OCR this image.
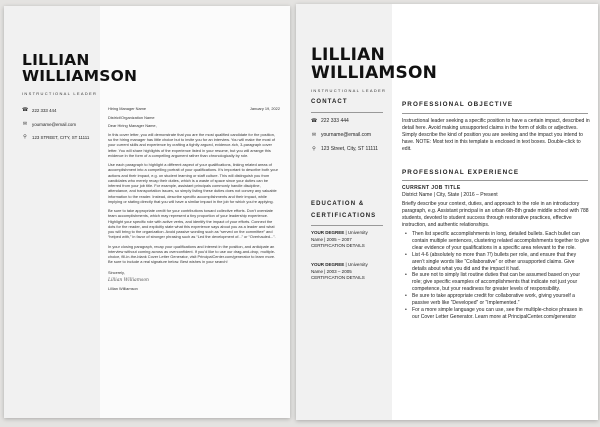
LILLIAN
WILLIAMSON
INSTRUCTIONAL LEADER
☎ 222 333 444
✉ yourname@email.com
⚲ 123 STREET, CITY, ST 11111
Hiring Manager Name	January 19, 2022

District/Organization Name

Dear Hiring Manager Name,

In this cover letter, you will demonstrate that you are the most qualified candidate for the position, so the hiring manager has little choice but to invite you for an interview. You will make the most of your current skills and experience by crafting a tightly argued, evidence-rich, 3-paragraph cover letter. You will share highlights of the experience listed in your resume, but you will arrange this evidence in the form of a compelling argument rather than chronologically by role.

Use each paragraph to highlight a different aspect of your qualifications, linking related areas of accomplishment into a compelling portrait of your qualifications. It’s important to describe both your actions and their impact, e.g. on student learning or staff culture. This will distinguish you from candidates who merely recap their duties, which is a waste of space since your duties can be inferred from your job title. For example, assistant principals commonly handle discipline, attendance, and transportation issues, so simply listing these duties does not convey any valuable information to the reader. Instead, describe specific accomplishments and their impact, while implying or stating directly that you will have a similar impact in the job for which you’re applying.

Be sure to take appropriate credit for your contributions toward collective efforts. Don’t overstate team accomplishments, which may represent a tiny proportion of your leadership experience. Highlight your specific role with active verbs, and identify the impact of your efforts. Connect the dots for the reader, and explicitly state what this experience says about you as a leader and what you will bring to the organization. Avoid passive wording such as “served on the committee” and “helped with,” in favor of stronger phrasing such as “Led the development of...” or “Overhauled...”.

In your closing paragraph, recap your qualifications and interest in the position, and anticipate an interview without coming across as overconfident. If you’d like to use our drag-and-drop, multiple-choice, fill-in-the-blank Cover Letter Generator, visit PrincipalCenter.com/generator to learn more. Be sure to include a real signature below. Best wishes in your search!

Sincerely,

Lillian Williamson

Lillian Williamson

LILLIAN
WILLIAMSON
INSTRUCTIONAL LEADER
CONTACT
☎ 222 333 444
✉ yourname@email.com
⚲ 123 Street, City, ST 11111
EDUCATION &
CERTIFICATIONS
YOUR DEGREE | University
Name | 2005 – 2007
CERTIFICATION DETAILS
YOUR DEGREE | University
Name | 2003 – 2005
CERTIFICATION DETAILS
PROFESSIONAL OBJECTIVE
Instructional leader seeking a specific position to have a certain impact, described in detail here. Avoid making unsupported claims in the form of skills or adjectives. Simply describe the kind of position you are seeking and the impact you intend to have. NOTE: Most text in this template is enclosed in text boxes. Double-click to edit.
PROFESSIONAL EXPERIENCE
CURRENT JOB TITLE
District Name | City, State | 2016 – Present
Briefly describe your context, duties, and approach to the role in an introductory paragraph, e.g. Assistant principal in an urban 6th-8th grade middle school with 788 students, devoted to student success through restorative practices, effective instruction, and authentic relationships.
• Then list specific accomplishments in long, detailed bullets. Each bullet can contain multiple sentences, clustering related accomplishments together to give clear evidence of your qualifications in a specific area relevant to the role.
• List 4-6 (absolutely no more than 7!) bullets per role, and ensure that they aren’t single words like “Collaborative” or other unsupported claims. Give details about what you did and the impact it had.
• Be sure not to simply list routine duties that can be assumed based on your role; give specific examples of accomplishments that indicate not just your competence, but your readiness for greater levels of responsibility.
• Be sure to take appropriate credit for collaborative work, giving yourself a passive verb like “Developed” or “Implemented.”
• For a more simple language you can use, see the multiple-choice phrases in our Cover Letter Generator. Learn more at PrincipalCenter.com/generator
